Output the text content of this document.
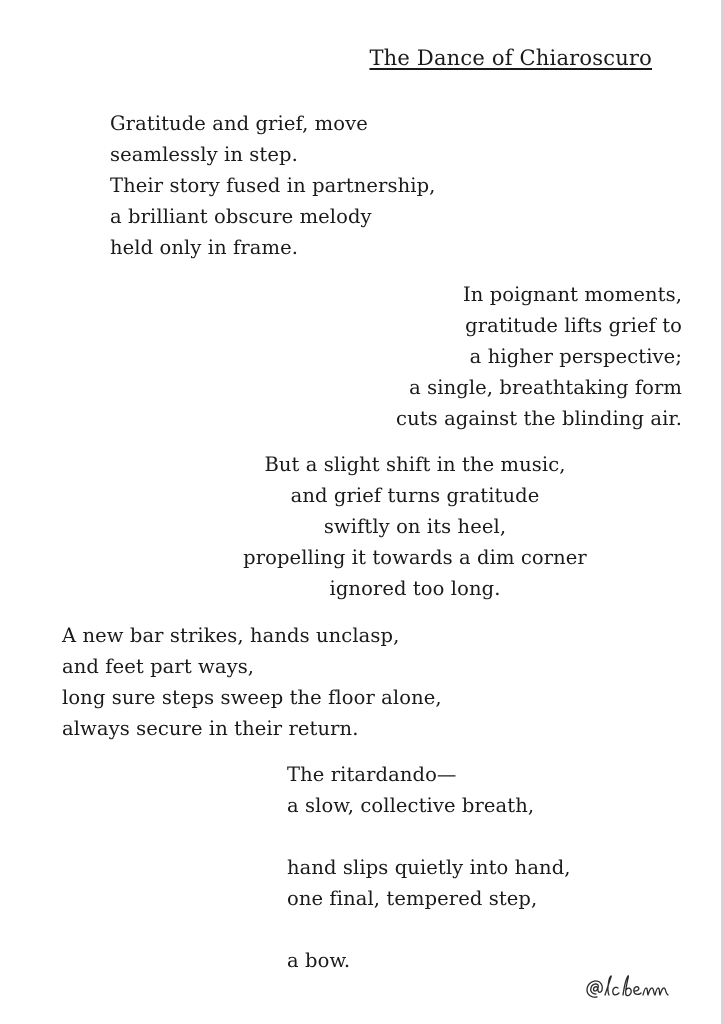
The Dance of Chiaroscuro
Gratitude and grief, move
seamlessly in step.
Their story fused in partnership,
a brilliant obscure melody
held only in frame.
In poignant moments,
gratitude lifts grief to
a higher perspective;
a single, breathtaking form
cuts against the blinding air.
But a slight shift in the music,
and grief turns gratitude
swiftly on its heel,
propelling it towards a dim corner
ignored too long.
A new bar strikes, hands unclasp,
and feet part ways,
long sure steps sweep the floor alone,
always secure in their return.
The ritardando—
a slow, collective breath,
hand slips quietly into hand,
one final, tempered step,
a bow.
